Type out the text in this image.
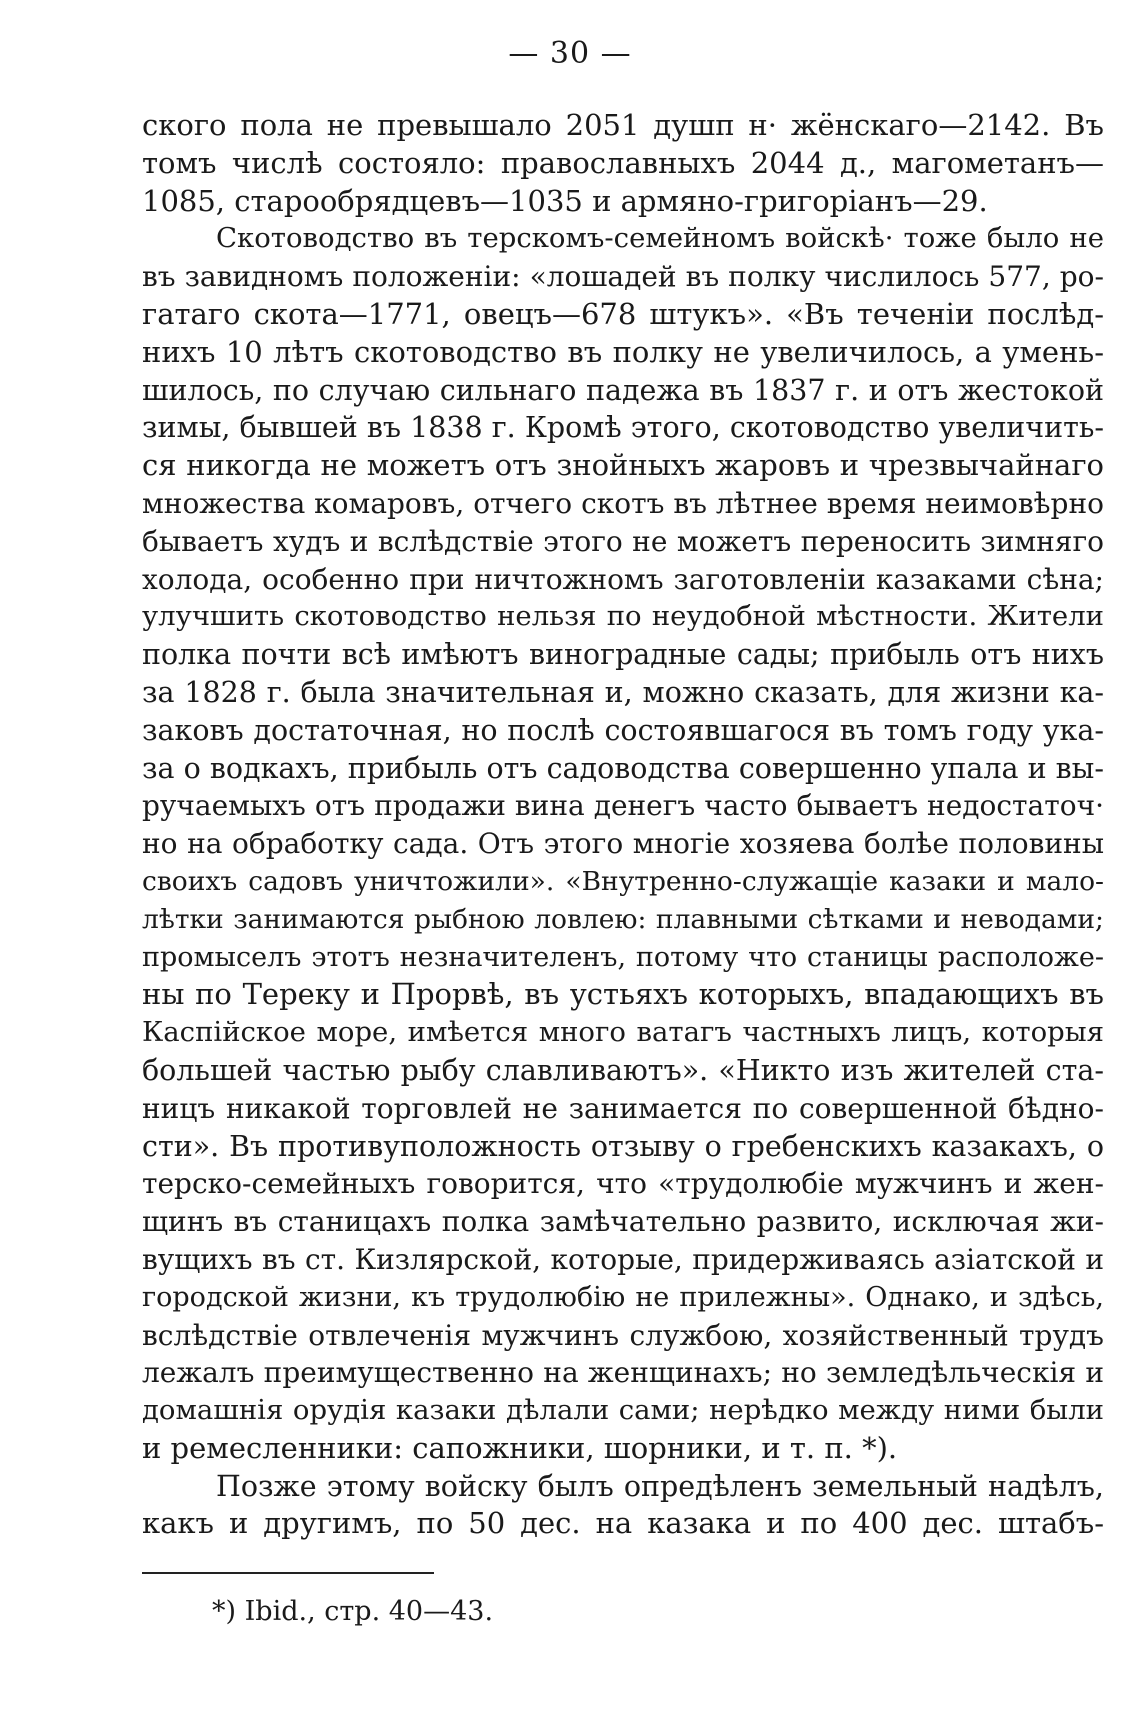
— 30 —
ского пола не превышало 2051 душп н· жёнскаго—2142. Въ
томъ числѣ состояло: православныхъ 2044 д., магометанъ—
1085, старообрядцевъ—1035 и армяно-григоріанъ—29.
Скотоводство въ терскомъ-семейномъ войскѣ· тоже было не
въ завидномъ положеніи: «лошадей въ полку числилось 577, ро-
гатаго скота—1771, овецъ—678 штукъ». «Въ теченіи послѣд-
нихъ 10 лѣтъ скотоводство въ полку не увеличилось, а умень-
шилось, по случаю сильнаго падежа въ 1837 г. и отъ жестокой
зимы, бывшей въ 1838 г. Кромѣ этого, скотоводство увеличить-
ся никогда не можетъ отъ знойныхъ жаровъ и чрезвычайнаго
множества комаровъ, отчего скотъ въ лѣтнее время неимовѣрно
бываетъ худъ и вслѣдствіе этого не можетъ переносить зимняго
холода, особенно при ничтожномъ заготовленіи казаками сѣна;
улучшить скотоводство нельзя по неудобной мѣстности. Жители
полка почти всѣ имѣютъ виноградные сады; прибыль отъ нихъ
за 1828 г. была значительная и, можно сказать, для жизни ка-
заковъ достаточная, но послѣ состоявшагося въ томъ году ука-
за о водкахъ, прибыль отъ садоводства совершенно упала и вы-
ручаемыхъ отъ продажи вина денегъ часто бываетъ недостаточ·
но на обработку сада. Отъ этого многіе хозяева болѣе половины
своихъ садовъ уничтожили». «Внутренно-служащіе казаки и мало-
лѣтки занимаются рыбною ловлею: плавными сѣтками и неводами;
промыселъ этотъ незначителенъ, потому что станицы расположе-
ны по Тереку и Прорвѣ, въ устьяхъ которыхъ, впадающихъ въ
Каспійское море, имѣется много ватагъ частныхъ лицъ, которыя
большей частью рыбу славливаютъ». «Никто изъ жителей ста-
ницъ никакой торговлей не занимается по совершенной бѣдно-
сти». Въ противуположность отзыву о гребенскихъ казакахъ, о
терско-семейныхъ говорится, что «трудолюбіе мужчинъ и жен-
щинъ въ станицахъ полка замѣчательно развито, исключая жи-
вущихъ въ ст. Кизлярской, которые, придерживаясь азіатской и
городской жизни, къ трудолюбію не прилежны». Однако, и здѣсь,
вслѣдствіе отвлеченія мужчинъ службою, хозяйственный трудъ
лежалъ преимущественно на женщинахъ; но земледѣльческія и
домашнія орудія казаки дѣлали сами; нерѣдко между ними были
и ремесленники: сапожники, шорники, и т. п. *).
Позже этому войску былъ опредѣленъ земельный надѣлъ,
какъ и другимъ, по 50 дес. на казака и по 400 дес. штабъ-
*) Ibid., стр. 40—43.
